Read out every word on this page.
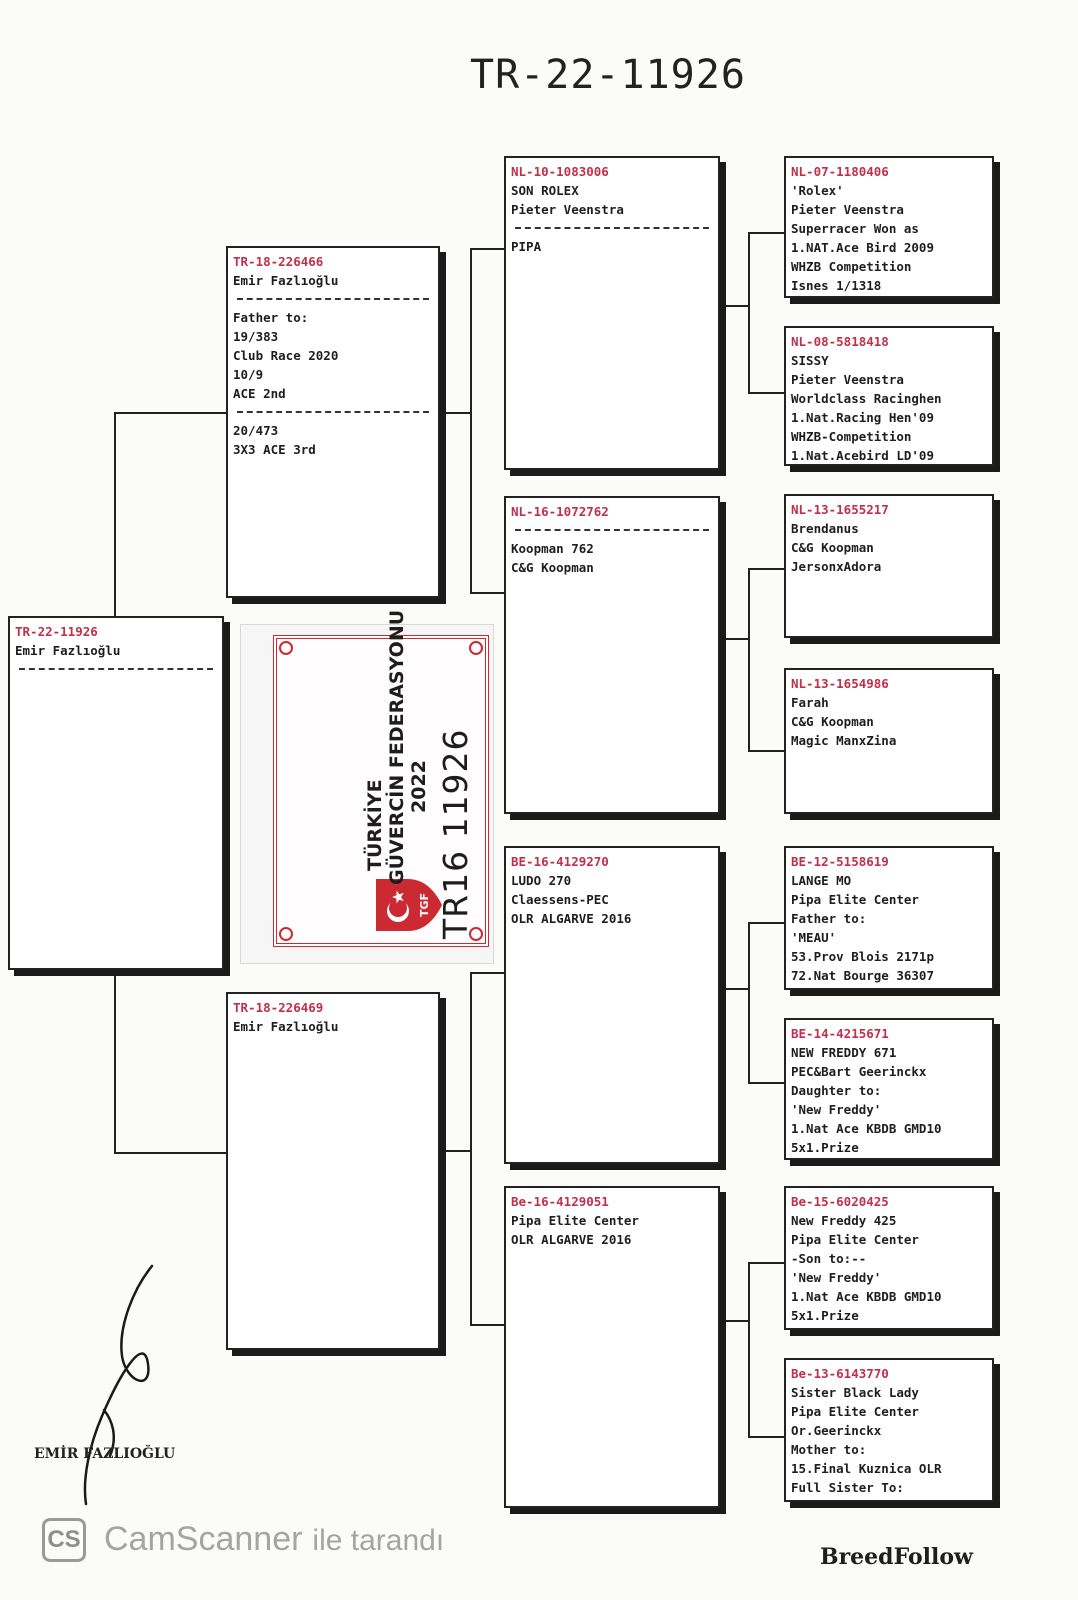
TR-22-11926
TR-22-11926
Emir Fazlıoğlu
TR-18-226466
Emir Fazlıoğlu
Father to:
19/383
Club Race 2020
10/9
ACE 2nd
20/473
3X3 ACE 3rd
TR-18-226469
Emir Fazlıoğlu
NL-10-1083006
SON ROLEX
Pieter Veenstra
PIPA
NL-16-1072762
Koopman 762
C&G Koopman
BE-16-4129270
LUDO 270
Claessens-PEC
OLR ALGARVE 2016
Be-16-4129051
Pipa Elite Center
OLR ALGARVE 2016
NL-07-1180406
'Rolex'
Pieter Veenstra
Superracer Won as
1.NAT.Ace Bird 2009
WHZB Competition
Isnes 1/1318
NL-08-5818418
SISSY
Pieter Veenstra
Worldclass Racinghen
1.Nat.Racing Hen'09
WHZB-Competition
1.Nat.Acebird LD'09
NL-13-1655217
Brendanus
C&G Koopman
JersonxAdora
NL-13-1654986
Farah
C&G Koopman
Magic ManxZina
BE-12-5158619
LANGE MO
Pipa Elite Center
Father to:
'MEAU'
53.Prov Blois 2171p
72.Nat Bourge 36307
BE-14-4215671
NEW FREDDY 671
PEC&Bart Geerinckx
Daughter to:
'New Freddy'
1.Nat Ace KBDB GMD10
5x1.Prize
Be-15-6020425
New Freddy 425
Pipa Elite Center
-Son to:--
'New Freddy'
1.Nat Ace KBDB GMD10
5x1.Prize
Be-13-6143770
Sister Black Lady
Pipa Elite Center
Or.Geerinckx
Mother to:
15.Final Kuznica OLR
Full Sister To:
TGF
TÜRKİYE GÜVERCİN FEDERASYONU 2022 TR16 11926
EMİR FAZLIOĞLU
CS CamScanner ile tarandı	BreedFollow
